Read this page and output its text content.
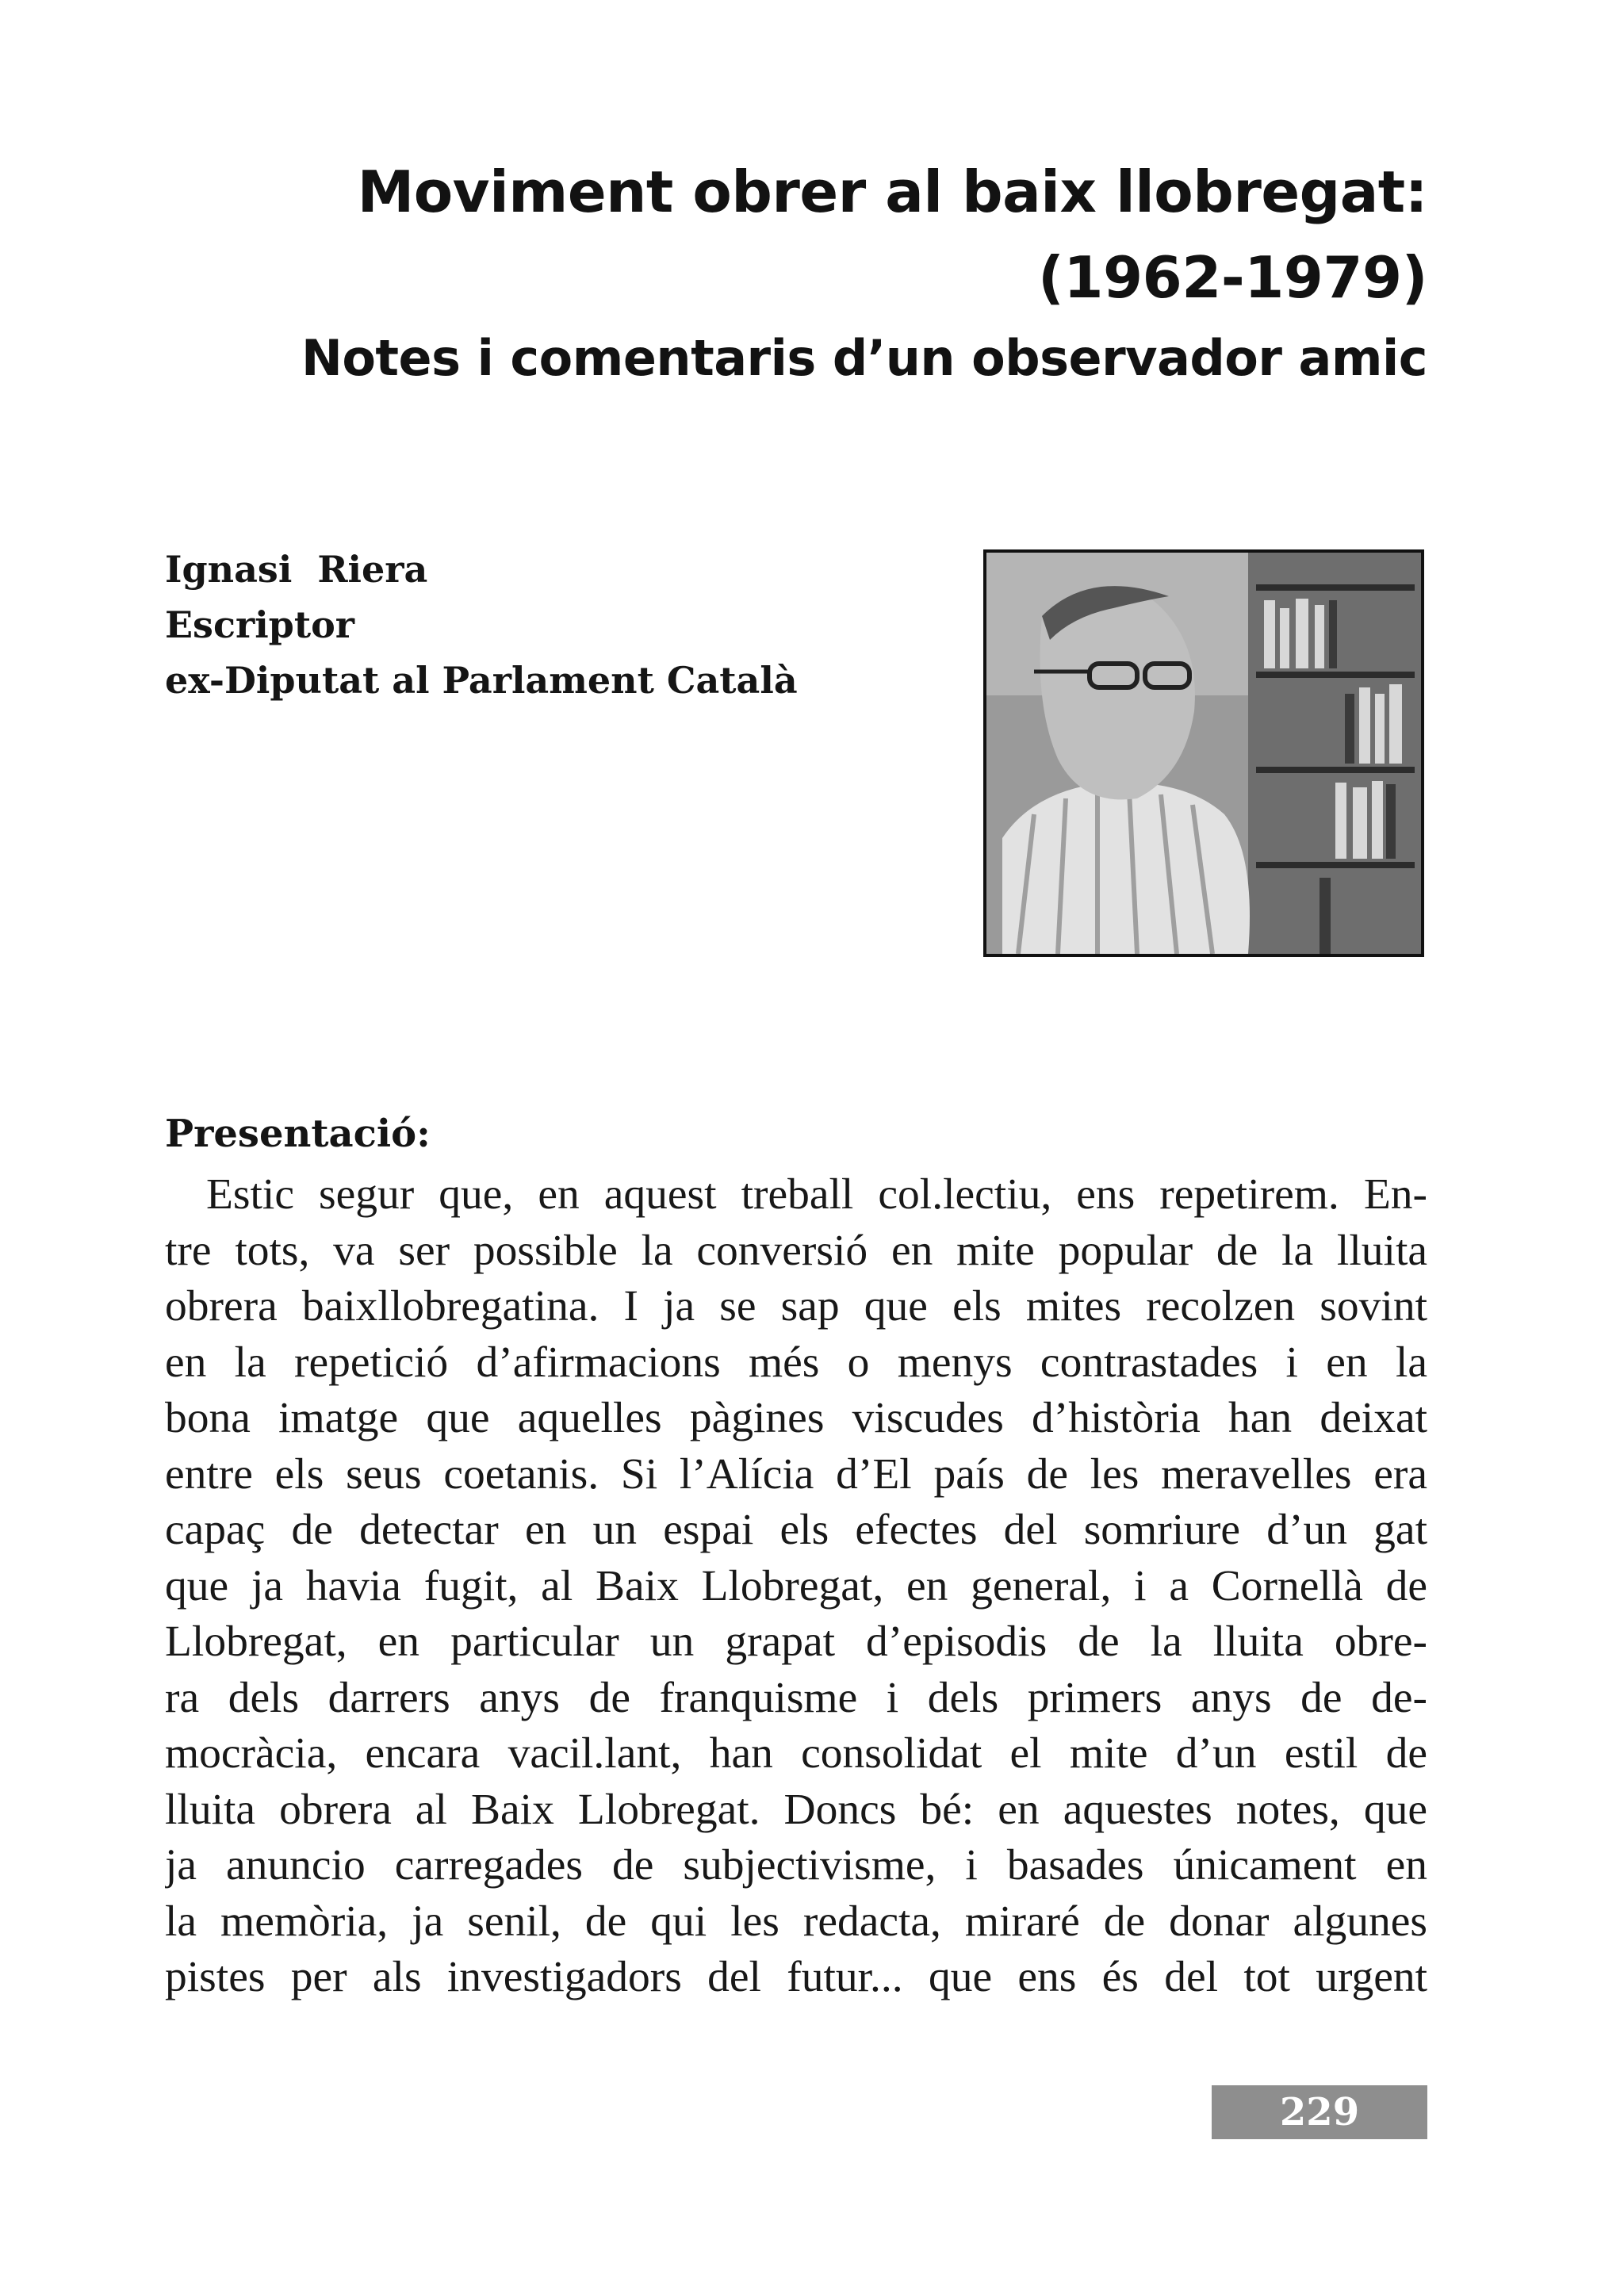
Moviment obrer al baix llobregat:
(1962-1979)
Notes i comentaris d’un observador amic
Ignasi  Riera
Escriptor
ex-Diputat al Parlament Català
Presentació:
Estic segur que, en aquest treball col.lectiu, ens repetirem. En-
tre tots, va ser possible la conversió en mite popular de la lluita
obrera baixllobregatina. I ja se sap que els mites recolzen sovint
en la repetició d’afirmacions més o menys contrastades i en la
bona imatge que aquelles pàgines viscudes d’història han deixat
entre els seus coetanis. Si l’Alícia d’El país de les meravelles era
capaç de detectar en un espai els efectes del somriure d’un gat
que ja havia fugit, al Baix Llobregat, en general, i a Cornellà de
Llobregat, en particular un grapat d’episodis de la lluita obre-
ra dels darrers anys de franquisme i dels primers anys de de-
mocràcia, encara vacil.lant, han consolidat el mite d’un estil de
lluita obrera al Baix Llobregat. Doncs bé: en aquestes notes, que
ja anuncio carregades de subjectivisme, i basades únicament en
la memòria, ja senil, de qui les redacta, miraré de donar algunes
pistes per als investigadors del futur... que ens és del tot urgent
229
